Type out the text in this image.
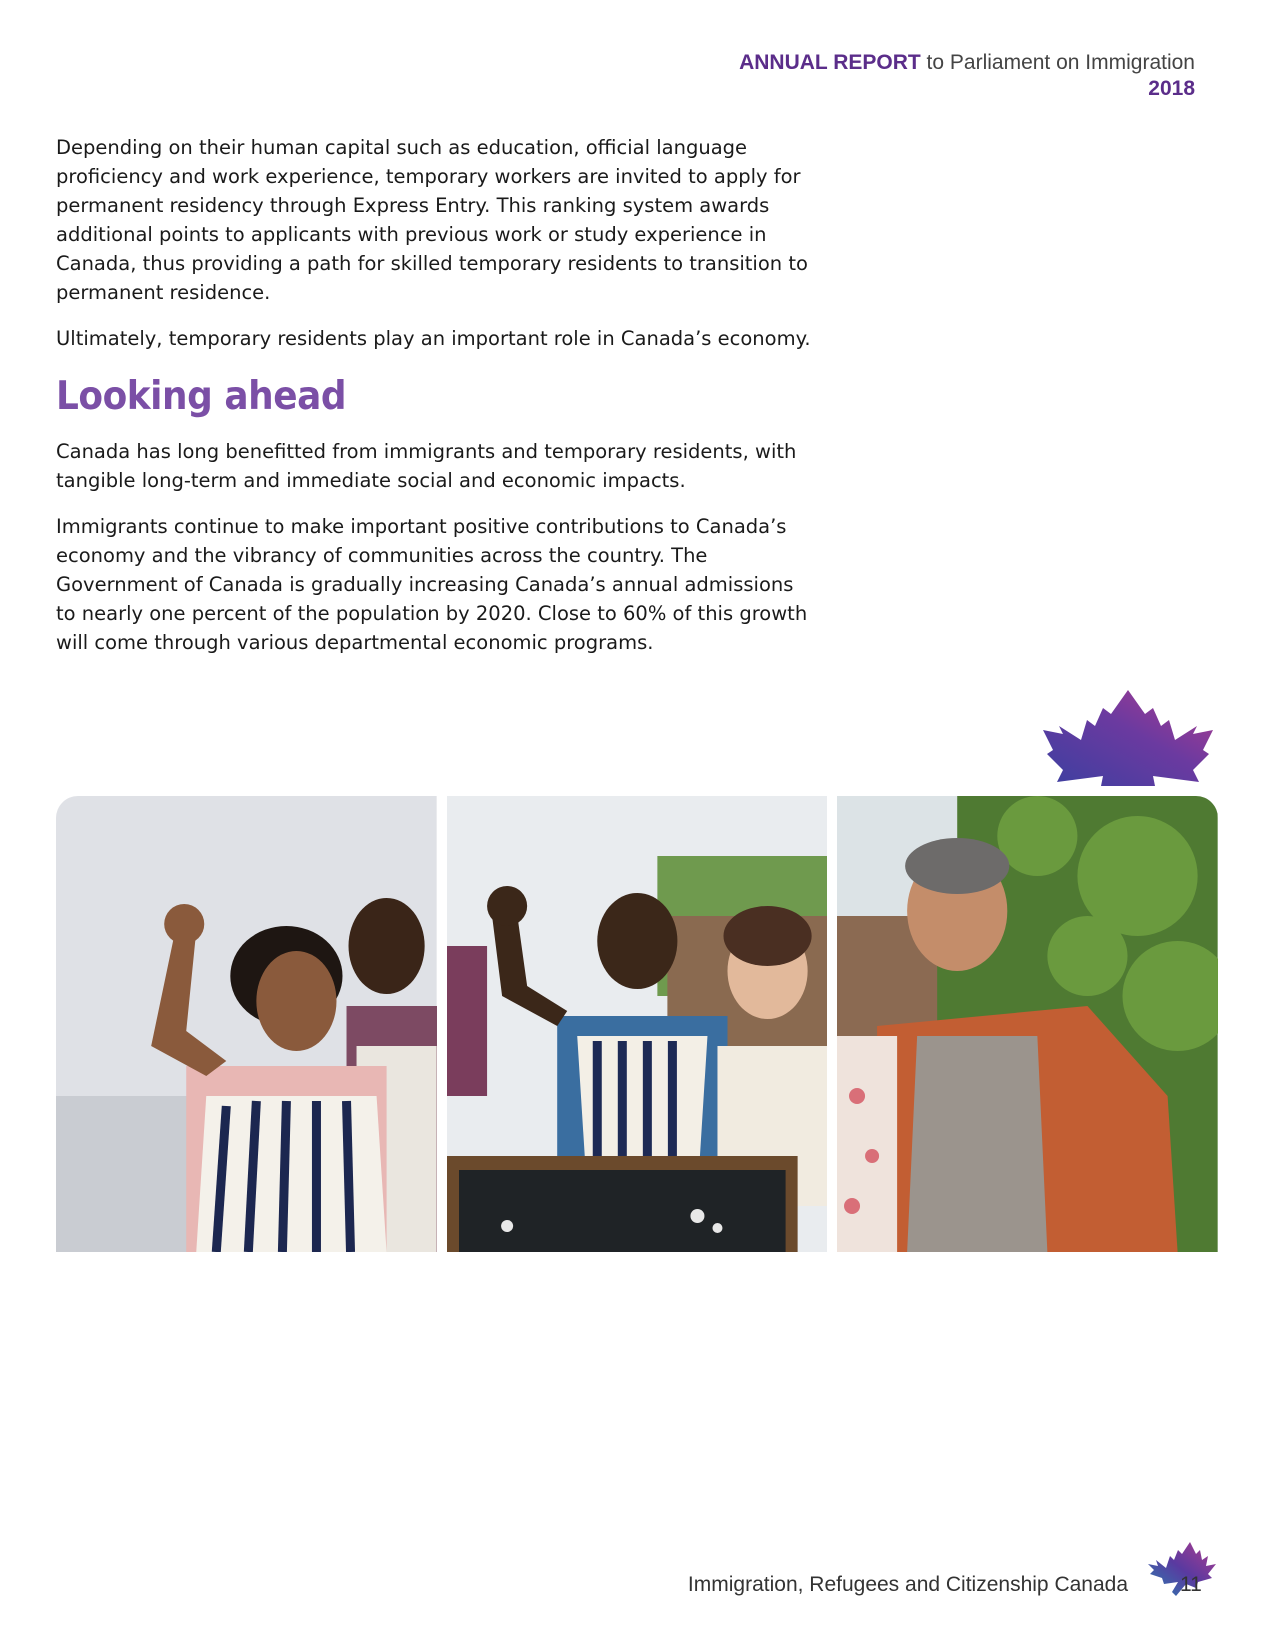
ANNUAL REPORT to Parliament on Immigration
2018

Depending on their human capital such as education, official language proficiency and work experience, temporary workers are invited to apply for permanent residency through Express Entry. This ranking system awards additional points to applicants with previous work or study experience in Canada, thus providing a path for skilled temporary residents to transition to permanent residence.

Ultimately, temporary residents play an important role in Canada’s economy.

Looking ahead

Canada has long benefitted from immigrants and temporary residents, with tangible long-term and immediate social and economic impacts.

Immigrants continue to make important positive contributions to Canada’s economy and the vibrancy of communities across the country. The Government of Canada is gradually increasing Canada’s annual admissions to nearly one percent of the population by 2020. Close to 60% of this growth will come through various departmental economic programs.

Immigration, Refugees and Citizenship Canada 11
